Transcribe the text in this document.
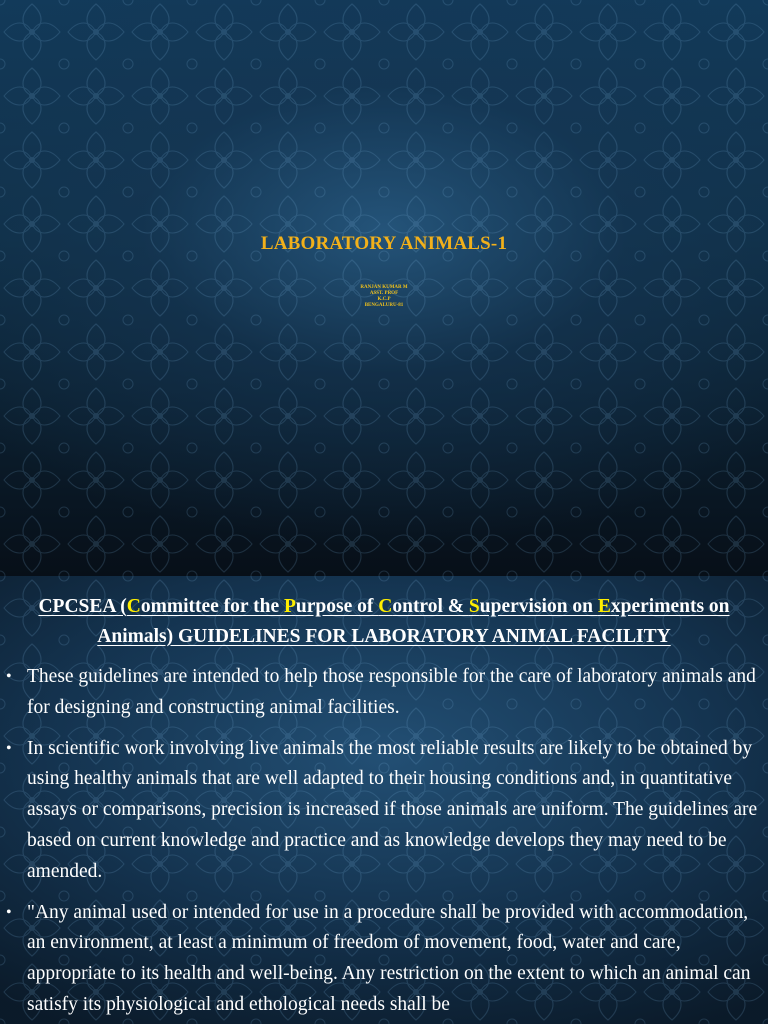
LABORATORY ANIMALS-1
RANJAN KUMAR M
ASST. PROF
K.C.P
BENGALURU-81
CPCSEA (Committee for the Purpose of Control & Supervision on Experiments on Animals) GUIDELINES FOR LABORATORY ANIMAL FACILITY
• These guidelines are intended to help those responsible for the care of laboratory animals and for designing and constructing animal facilities.
• In scientific work involving live animals the most reliable results are likely to be obtained by using healthy animals that are well adapted to their housing conditions and, in quantitative assays or comparisons, precision is increased if those animals are uniform. The guidelines are based on current knowledge and practice and as knowledge develops they may need to be amended.
• "Any animal used or intended for use in a procedure shall be provided with accommodation, an environment, at least a minimum of freedom of movement, food, water and care, appropriate to its health and well-being. Any restriction on the extent to which an animal can satisfy its physiological and ethological needs shall be
